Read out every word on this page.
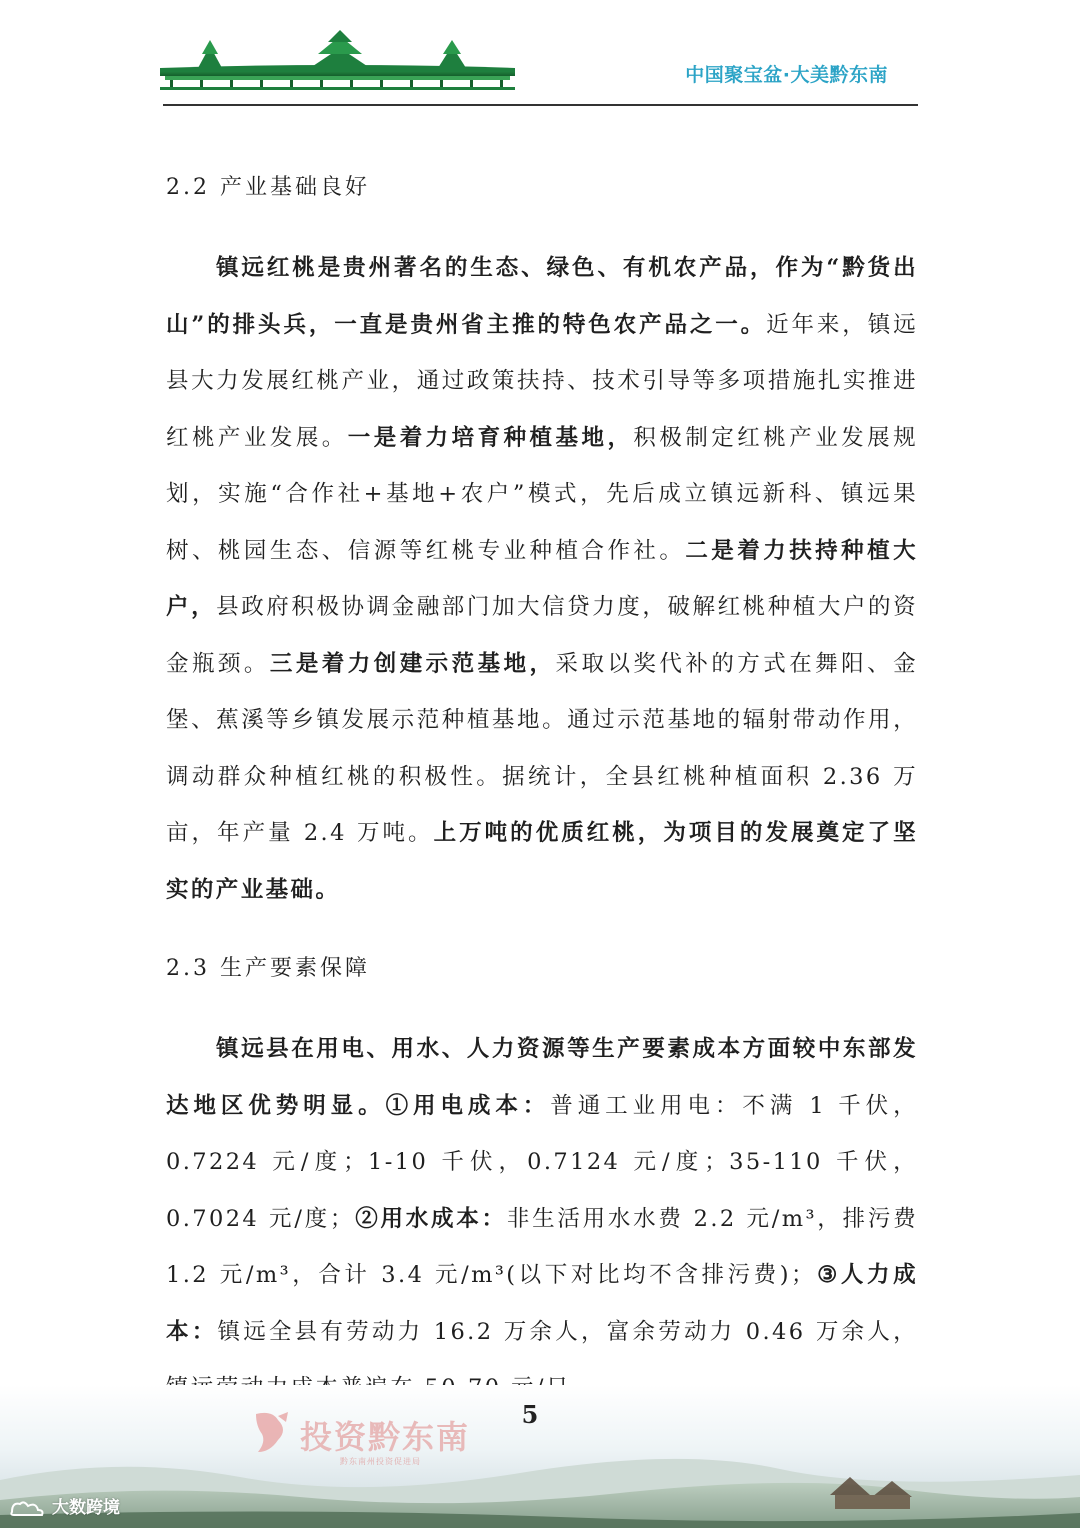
中国聚宝盆·大美黔东南
2.2 产业基础良好

镇远红桃是贵州著名的生态、绿色、有机农产品，作为“黔货出山”的排头兵，一直是贵州省主推的特色农产品之一。近年来，镇远县大力发展红桃产业，通过政策扶持、技术引导等多项措施扎实推进红桃产业发展。一是着力培育种植基地，积极制定红桃产业发展规划，实施“合作社+基地+农户”模式，先后成立镇远新科、镇远果树、桃园生态、信源等红桃专业种植合作社。二是着力扶持种植大户，县政府积极协调金融部门加大信贷力度，破解红桃种植大户的资金瓶颈。三是着力创建示范基地，采取以奖代补的方式在舞阳、金堡、蕉溪等乡镇发展示范种植基地。通过示范基地的辐射带动作用，调动群众种植红桃的积极性。据统计，全县红桃种植面积 2.36 万亩，年产量 2.4 万吨。上万吨的优质红桃，为项目的发展奠定了坚实的产业基础。

2.3 生产要素保障

镇远县在用电、用水、人力资源等生产要素成本方面较中东部发达地区优势明显。①用电成本：普通工业用电：不满 1 千伏，0.7224 元/度；1-10 千伏，0.7124 元/度；35-110 千伏，0.7024 元/度；②用水成本：非生活用水水费 2.2 元/m³，排污费 1.2 元/m³，合计 3.4 元/m³(以下对比均不含排污费)；③人力成本：镇远全县有劳动力 16.2 万余人，富余劳动力 0.46 万余人，

投资黔东南
黔东南州投资促进局
5
大数跨境
